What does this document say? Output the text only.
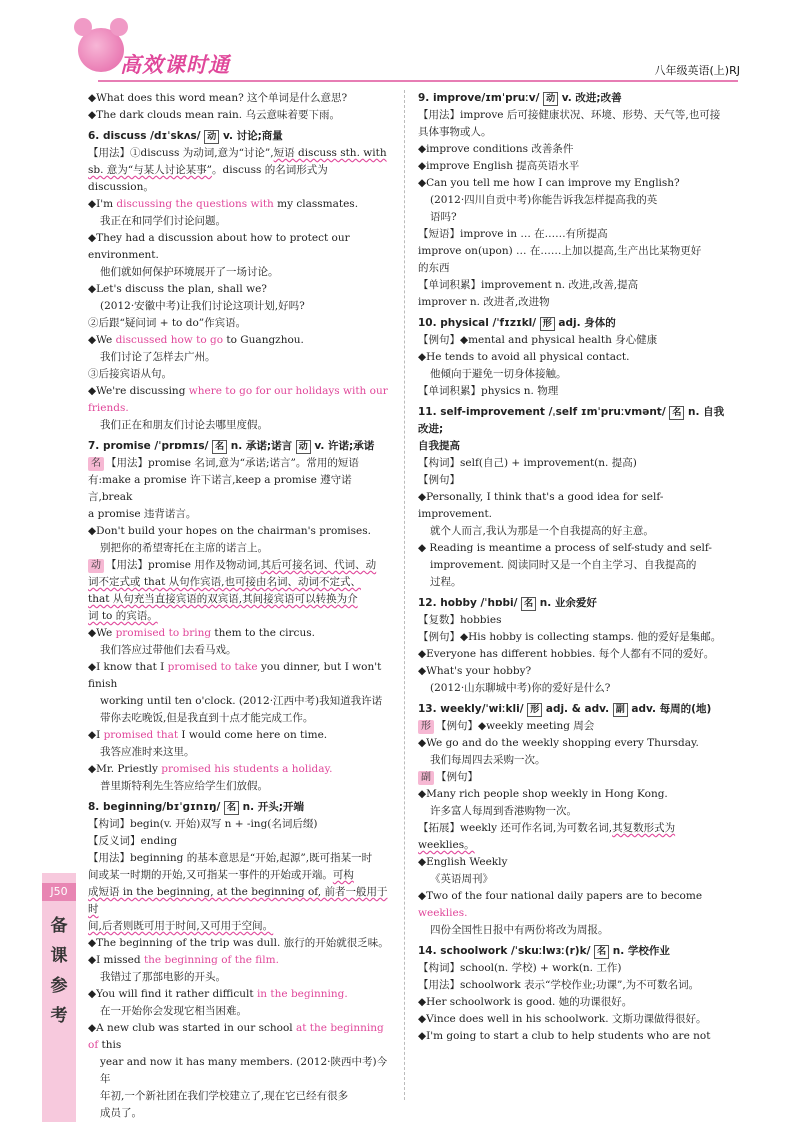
高效课时通	八年级英语(上)RJ
J50
备
课
参
考

◆What does this word mean? 这个单词是什么意思?

◆The dark clouds mean rain. 乌云意味着要下雨。

6. discuss /dɪˈskʌs/ 动 v. 讨论;商量

【用法】①discuss 为动词,意为“讨论”,短语 discuss sth. with

sb. 意为“与某人讨论某事”。discuss 的名词形式为

discussion。

◆I'm discussing the questions with my classmates.

我正在和同学们讨论问题。

◆They had a discussion about how to protect our environment.

他们就如何保护环境展开了一场讨论。

◆Let's discuss the plan, shall we?

(2012·安徽中考)让我们讨论这项计划,好吗?

②后跟“疑问词 + to do”作宾语。

◆We discussed how to go to Guangzhou.

我们讨论了怎样去广州。

③后接宾语从句。

◆We're discussing where to go for our holidays with our friends.

我们正在和朋友们讨论去哪里度假。

7. promise /ˈprɒmɪs/ 名 n. 承诺;诺言 动 v. 许诺;承诺

名 【用法】promise 名词,意为“承诺;诺言”。常用的短语

有:make a promise 许下诺言,keep a promise 遵守诺言,break

a promise 违背诺言。

◆Don't build your hopes on the chairman's promises.

别把你的希望寄托在主席的诺言上。

动 【用法】promise 用作及物动词,其后可接名词、代词、动

词不定式或 that 从句作宾语,也可接由名词、动词不定式、

that 从句充当直接宾语的双宾语,其间接宾语可以转换为介

词 to 的宾语。

◆We promised to bring them to the circus.

我们答应过带他们去看马戏。

◆I know that I promised to take you dinner, but I won't finish

working until ten o'clock. (2012·江西中考)我知道我许诺

带你去吃晚饭,但是我直到十点才能完成工作。

◆I promised that I would come here on time.

我答应准时来这里。

◆Mr. Priestly promised his students a holiday.

普里斯特利先生答应给学生们放假。

8. beginning/bɪˈɡɪnɪŋ/ 名 n. 开头;开端

【构词】begin(v. 开始)双写 n + -ing(名词后缀)

【反义词】ending

【用法】beginning 的基本意思是“开始,起源”,既可指某一时

间或某一时期的开始,又可指某一事件的开始或开端。可构

成短语 in the beginning, at the beginning of, 前者一般用于时

间,后者则既可用于时间,又可用于空间。

◆The beginning of the trip was dull. 旅行的开始就很乏味。

◆I missed the beginning of the film.

我错过了那部电影的开头。

◆You will find it rather difficult in the beginning.

在一开始你会发现它相当困难。

◆A new club was started in our school at the beginning of this

year and now it has many members. (2012·陕西中考)今年

年初,一个新社团在我们学校建立了,现在它已经有很多

成员了。

9. improve/ɪmˈpruːv/ 动 v. 改进;改善

【用法】improve 后可接健康状况、环境、形势、天气等,也可接

具体事物或人。

◆improve conditions 改善条件

◆improve English 提高英语水平

◆Can you tell me how I can improve my English?

(2012·四川自贡中考)你能告诉我怎样提高我的英

语吗?

【短语】improve in … 在……有所提高

improve on(upon) … 在……上加以提高,生产出比某物更好

的东西

【单词积累】improvement n. 改进,改善,提高

improver n. 改进者,改进物

10. physical /ˈfɪzɪkl/ 形 adj. 身体的

【例句】◆mental and physical health 身心健康

◆He tends to avoid all physical contact.

他倾向于避免一切身体接触。

【单词积累】physics n. 物理

11. self-improvement /ˌself ɪmˈpruːvmənt/ 名 n. 自我改进;

自我提高

【构词】self(自己) + improvement(n. 提高)

【例句】

◆Personally, I think that's a good idea for self-improvement.

就个人而言,我认为那是一个自我提高的好主意。

◆ Reading is meantime a process of self-study and self-

improvement. 阅读同时又是一个自主学习、自我提高的

过程。

12. hobby /ˈhɒbi/ 名 n. 业余爱好

【复数】hobbies

【例句】◆His hobby is collecting stamps. 他的爱好是集邮。

◆Everyone has different hobbies. 每个人都有不同的爱好。

◆What's your hobby?

(2012·山东聊城中考)你的爱好是什么?

13. weekly/ˈwiːkli/ 形 adj. & adv. 副 adv. 每周的(地)

形 【例句】◆weekly meeting 周会

◆We go and do the weekly shopping every Thursday.

我们每周四去采购一次。

副 【例句】

◆Many rich people shop weekly in Hong Kong.

许多富人每周到香港购物一次。

【拓展】weekly 还可作名词,为可数名词,其复数形式为

weeklies。

◆English Weekly

《英语周刊》

◆Two of the four national daily papers are to become weeklies.

四份全国性日报中有两份将改为周报。

14. schoolwork /ˈskuːlwɜː(r)k/ 名 n. 学校作业

【构词】school(n. 学校) + work(n. 工作)

【用法】schoolwork 表示“学校作业;功课”,为不可数名词。

◆Her schoolwork is good. 她的功课很好。

◆Vince does well in his schoolwork. 文斯功课做得很好。

◆I'm going to start a club to help students who are not
